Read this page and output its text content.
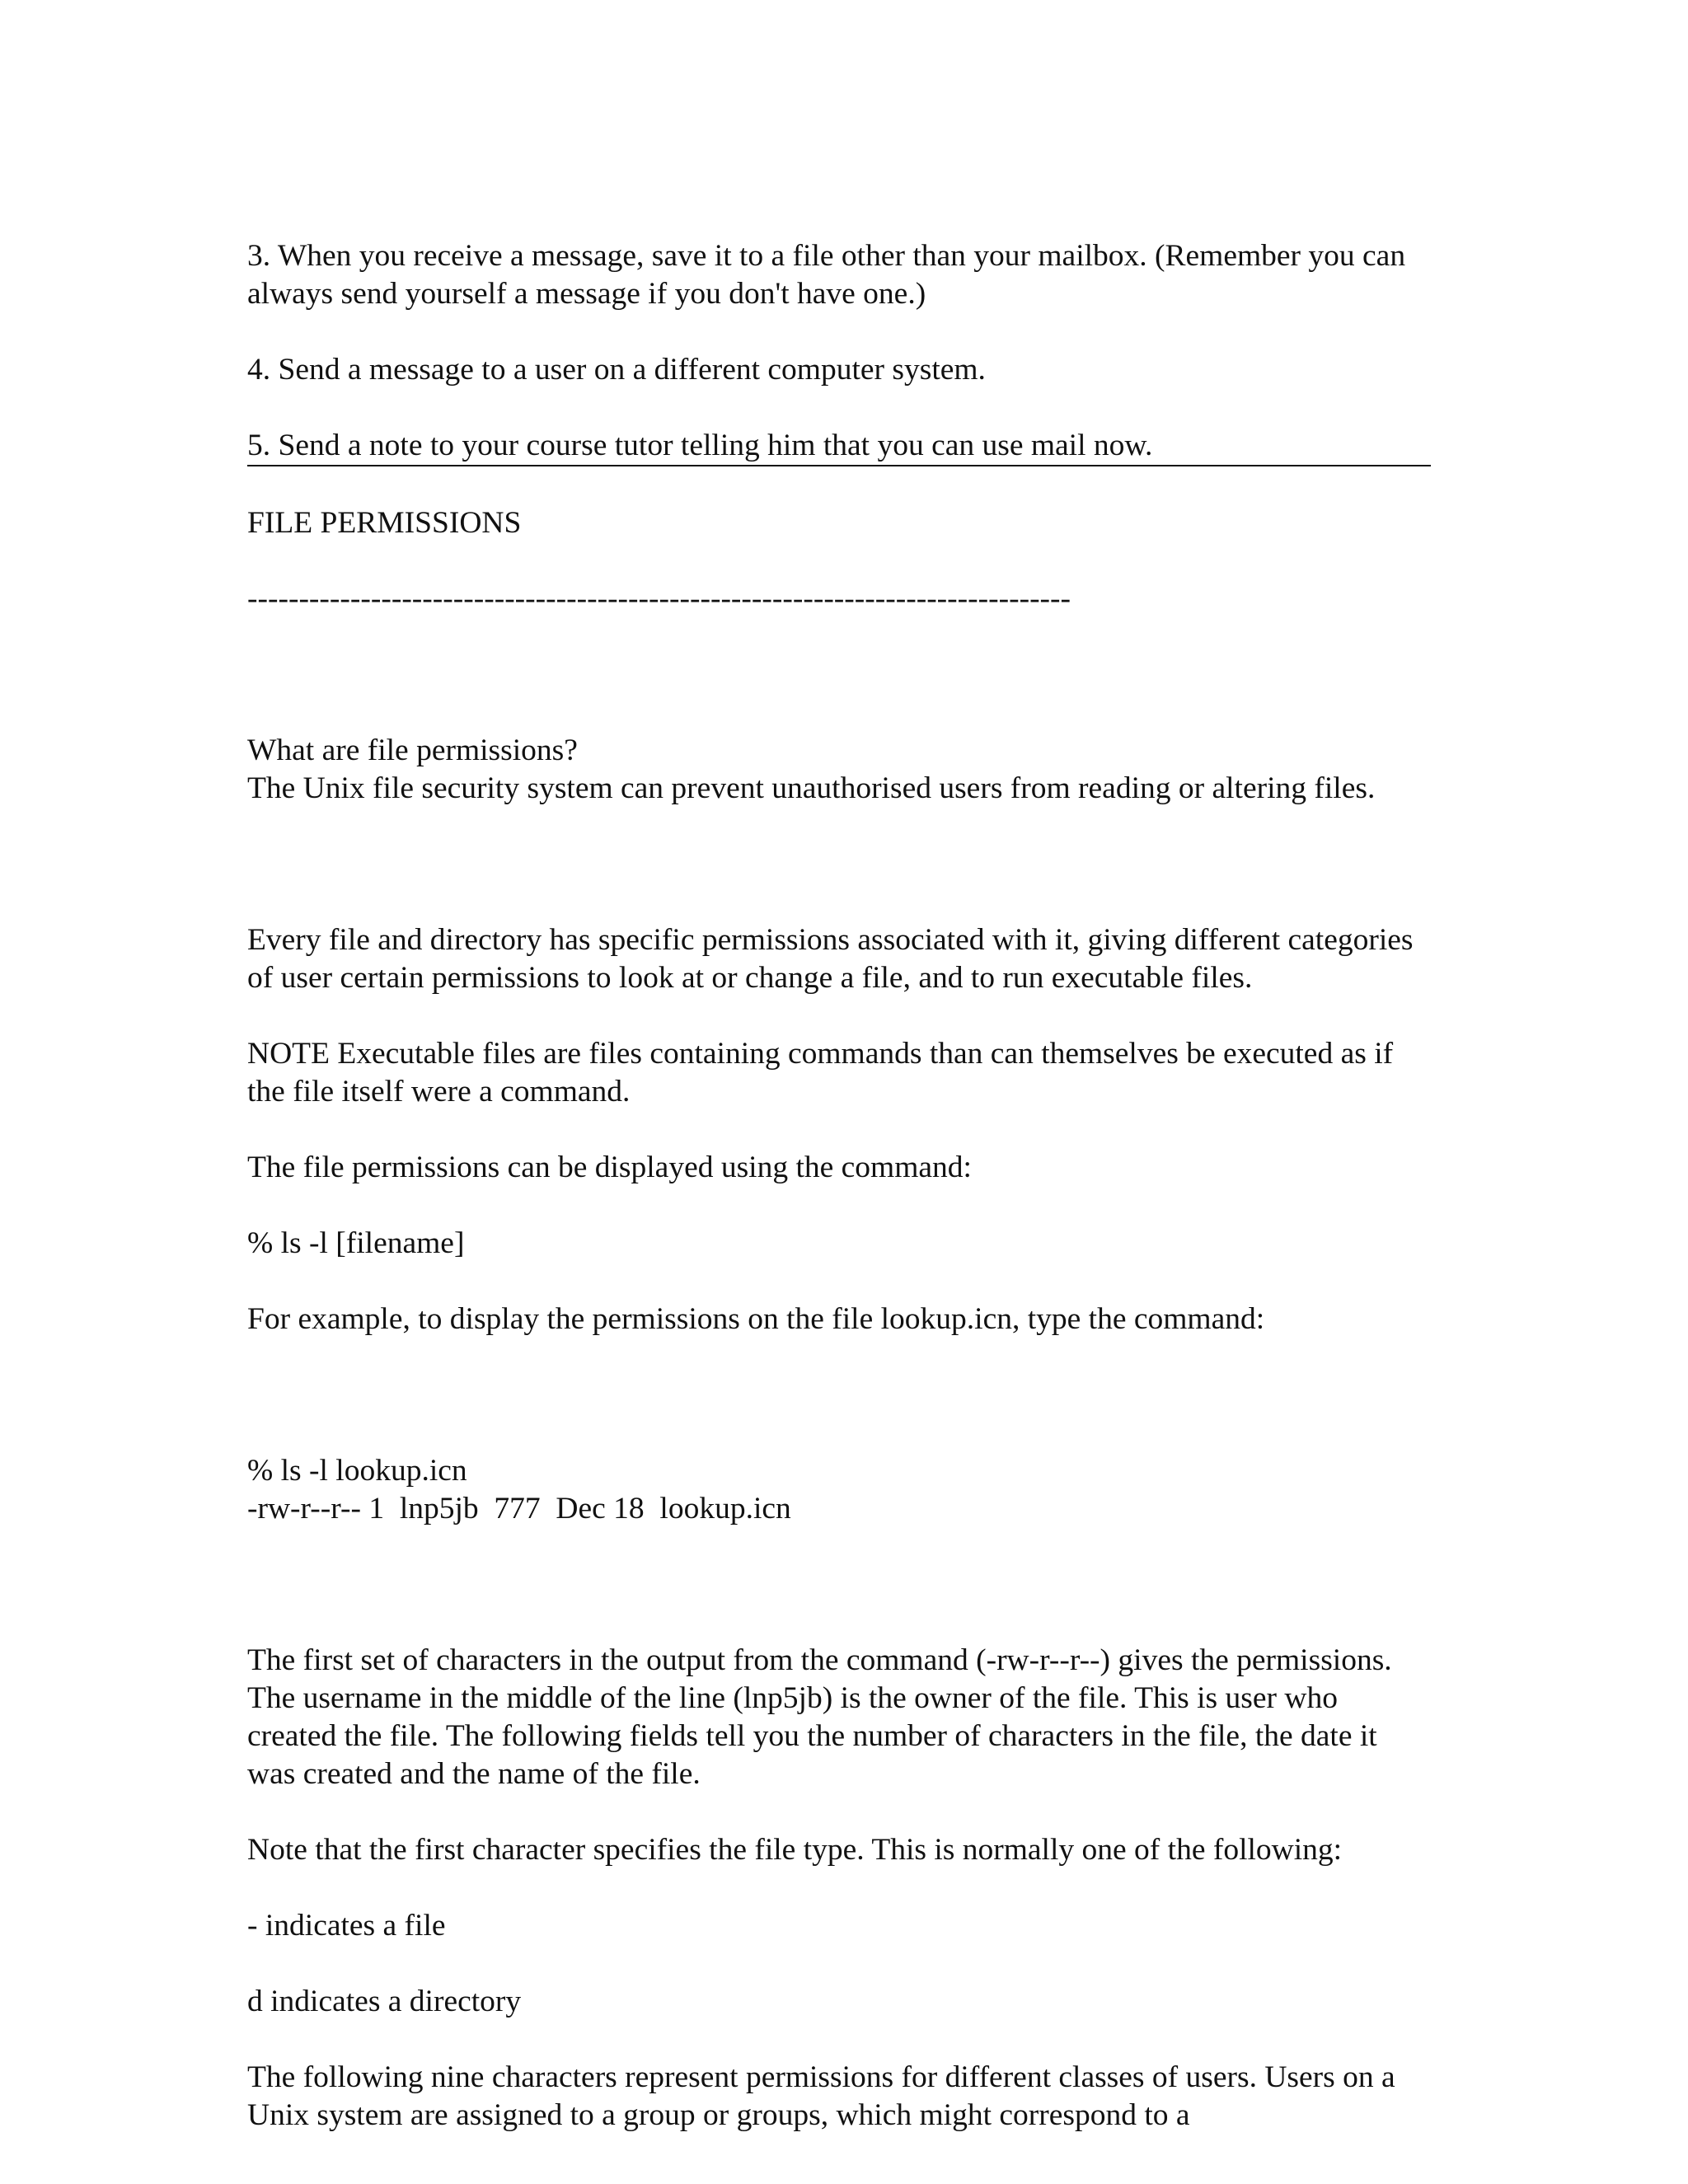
3. When you receive a message, save it to a file other than your mailbox. (Remember you can always send yourself a message if you don't have one.)

4. Send a message to a user on a different computer system.

5. Send a note to your course tutor telling him that you can use mail now.

FILE PERMISSIONS

--------------------------------------------------------------------------------

What are file permissions?
The Unix file security system can prevent unauthorised users from reading or altering files.

Every file and directory has specific permissions associated with it, giving different categories of user certain permissions to look at or change a file, and to run executable files.

NOTE Executable files are files containing commands than can themselves be executed as if the file itself were a command.

The file permissions can be displayed using the command:

% ls -l [filename]

For example, to display the permissions on the file lookup.icn, type the command:

% ls -l lookup.icn
-rw-r--r-- 1  lnp5jb  777  Dec 18  lookup.icn

The first set of characters in the output from the command (-rw-r--r--) gives the permissions. The username in the middle of the line (lnp5jb) is the owner of the file. This is user who created the file. The following fields tell you the number of characters in the file, the date it was created and the name of the file.

Note that the first character specifies the file type. This is normally one of the following:

- indicates a file

d indicates a directory

The following nine characters represent permissions for different classes of users. Users on a Unix system are assigned to a group or groups, which might correspond to a
